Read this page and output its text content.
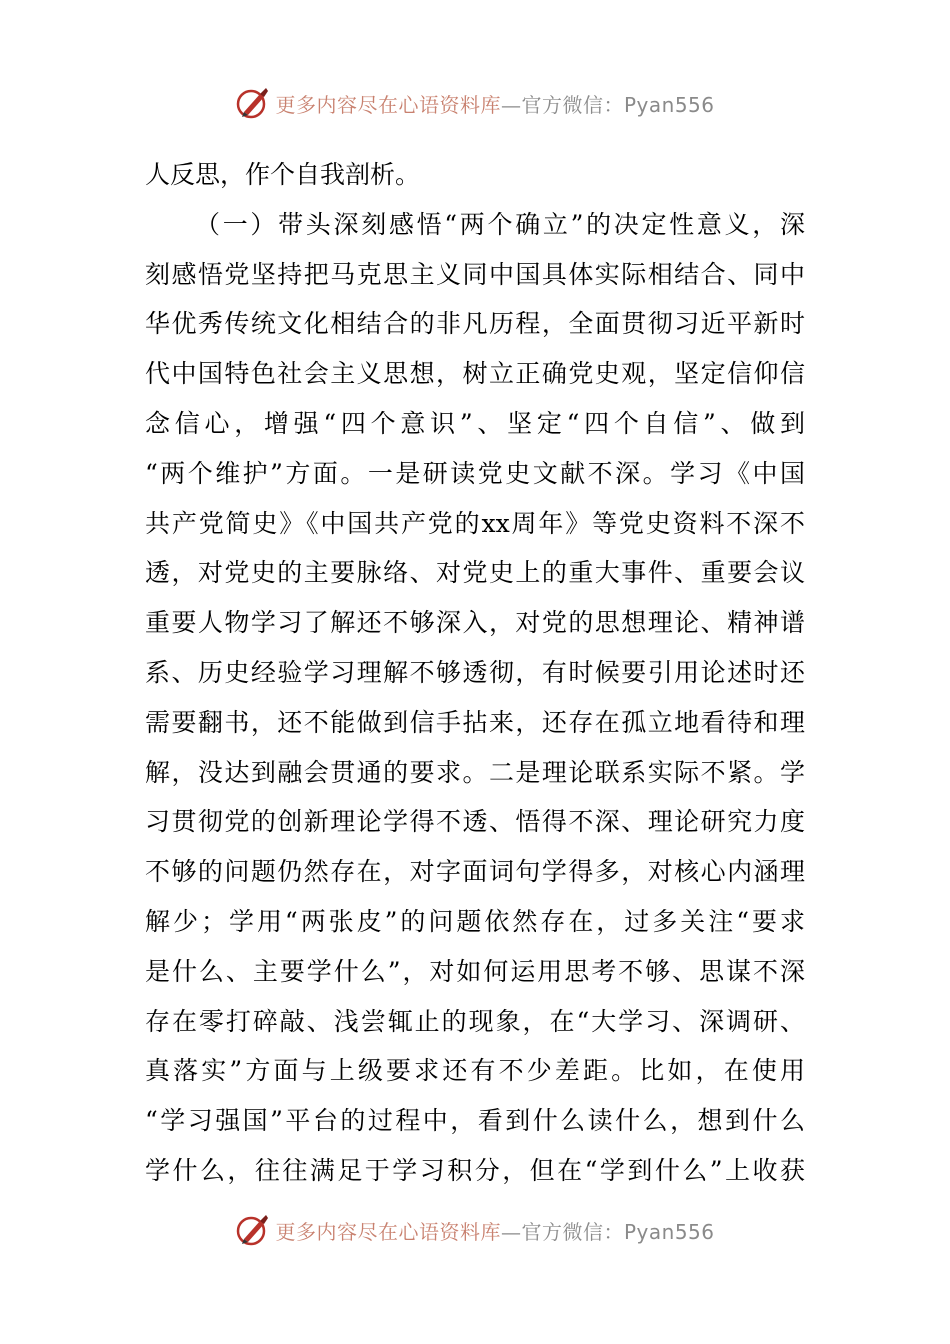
更多内容尽在心语资料库—官方微信：Pyan556
人反思，作个自我剖析。
（一）带头深刻感悟“两个确立”的决定性意义，深
刻感悟党坚持把马克思主义同中国具体实际相结合、同中
华优秀传统文化相结合的非凡历程，全面贯彻习近平新时
代中国特色社会主义思想，树立正确党史观，坚定信仰信
念信心，增强“四个意识”、坚定“四个自信”、做到
“两个维护”方面。一是研读党史文献不深。学习《中国
共产党简史》《中国共产党的xx周年》等党史资料不深不
透，对党史的主要脉络、对党史上的重大事件、重要会议
重要人物学习了解还不够深入，对党的思想理论、精神谱
系、历史经验学习理解不够透彻，有时候要引用论述时还
需要翻书，还不能做到信手拈来，还存在孤立地看待和理
解，没达到融会贯通的要求。二是理论联系实际不紧。学
习贯彻党的创新理论学得不透、悟得不深、理论研究力度
不够的问题仍然存在，对字面词句学得多，对核心内涵理
解少；学用“两张皮”的问题依然存在，过多关注“要求
是什么、主要学什么”，对如何运用思考不够、思谋不深
存在零打碎敲、浅尝辄止的现象，在“大学习、深调研、
真落实”方面与上级要求还有不少差距。比如，在使用
“学习强国”平台的过程中，看到什么读什么，想到什么
学什么，往往满足于学习积分，但在“学到什么”上收获
更多内容尽在心语资料库—官方微信：Pyan556
